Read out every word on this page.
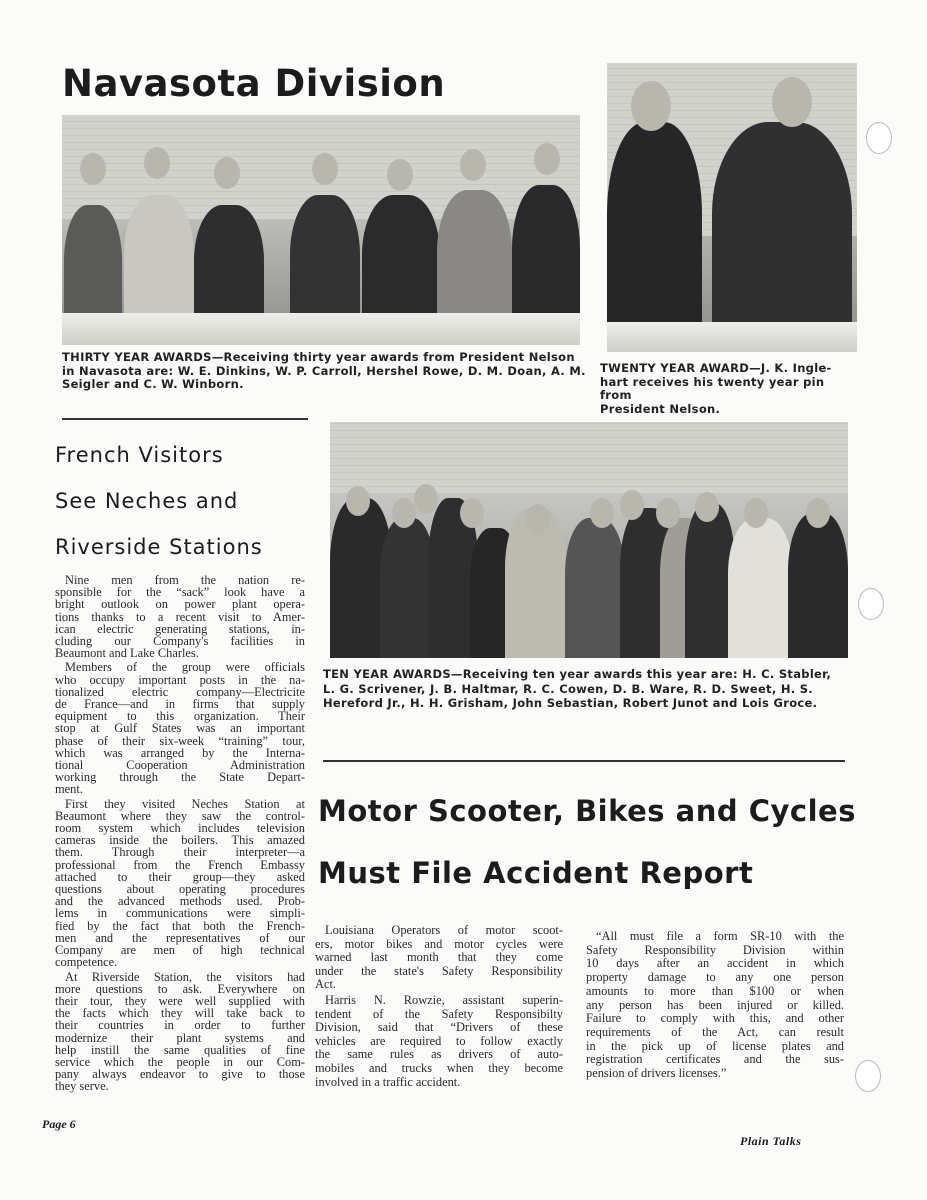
Navasota Division
THIRTY YEAR AWARDS—Receiving thirty year awards from President Nelson
in Navasota are: W. E. Dinkins, W. P. Carroll, Hershel Rowe, D. M. Doan, A. M.
Seigler and C. W. Winborn.
TWENTY YEAR AWARD—J. K. Ingle-
hart receives his twenty year pin from
President Nelson.
French Visitors
See Neches and
Riverside Stations
Nine men from the nation re-
sponsible for the “sack” look have a
bright outlook on power plant opera-
tions thanks to a recent visit to Amer-
ican electric generating stations, in-
cluding our Company's facilities in
Beaumont and Lake Charles.
Members of the group were officials
who occupy important posts in the na-
tionalized electric company—Electricite
de France—and in firms that supply
equipment to this organization. Their
stop at Gulf States was an important
phase of their six-week “training” tour,
which was arranged by the Interna-
tional Cooperation Administration
working through the State Depart-
ment.
First they visited Neches Station at
Beaumont where they saw the control-
room system which includes television
cameras inside the boilers. This amazed
them. Through their interpreter—a
professional from the French Embassy
attached to their group—they asked
questions about operating procedures
and the advanced methods used. Prob-
lems in communications were simpli-
fied by the fact that both the French-
men and the representatives of our
Company are men of high technical
competence.
At Riverside Station, the visitors had
more questions to ask. Everywhere on
their tour, they were well supplied with
the facts which they will take back to
their countries in order to further
modernize their plant systems and
help instill the same qualities of fine
service which the people in our Com-
pany always endeavor to give to those
they serve.
TEN YEAR AWARDS—Receiving ten year awards this year are: H. C. Stabler,
L. G. Scrivener, J. B. Haltmar, R. C. Cowen, D. B. Ware, R. D. Sweet, H. S.
Hereford Jr., H. H. Grisham, John Sebastian, Robert Junot and Lois Groce.
Motor Scooter, Bikes and Cycles
Must File Accident Report
Louisiana Operators of motor scoot-
ers, motor bikes and motor cycles were
warned last month that they come
under the state's Safety Responsibility
Act.
Harris N. Rowzie, assistant superin-
tendent of the Safety Responsibilty
Division, said that “Drivers of these
vehicles are required to follow exactly
the same rules as drivers of auto-
mobiles and trucks when they become
involved in a traffic accident.
“All must file a form SR-10 with the
Safety Responsibility Division within
10 days after an accident in which
property damage to any one person
amounts to more than $100 or when
any person has been injured or killed.
Failure to comply with this, and other
requirements of the Act, can result
in the pick up of license plates and
registration certificates and the sus-
pension of drivers licenses.”
Page 6
Plain Talks
